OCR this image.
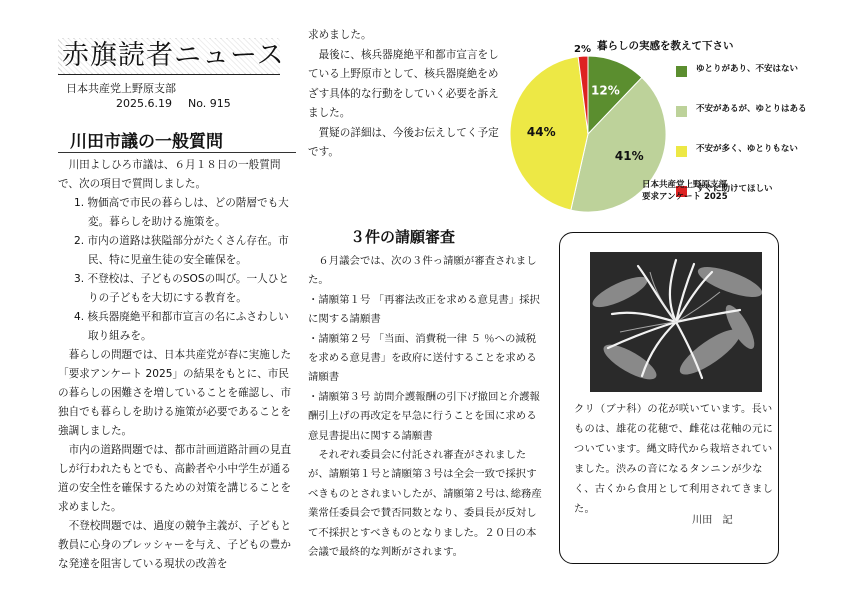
赤旗読者ニュース
日本共産党上野原支部
2025.6.19 No. 915
川田市議の一般質問

川田よしひろ市議は、６月１８日の一般質問で、次の項目で質問しました。

1. 物価高で市民の暮らしは、どの階層でも大変。暮らしを助ける施策を。

2. 市内の道路は狭隘部分がたくさん存在。市民、特に児童生徒の安全確保を。

3. 不登校は、子どものSOSの叫び。一人ひとりの子どもを大切にする教育を。

4. 核兵器廃絶平和都市宣言の名にふさわしい取り組みを。

暮らしの問題では、日本共産党が春に実施した「要求アンケート 2025」の結果をもとに、市民の暮らしの困難さを増していることを確認し、市独自でも暮らしを助ける施策が必要であることを強調しました。

市内の道路問題では、都市計画道路計画の見直しが行われたもとでも、高齢者や小中学生が通る道の安全性を確保するための対策を講じることを求めました。

不登校問題では、過度の競争主義が、子どもと教員に心身のプレッシャーを与え、子どもの豊かな発達を阻害している現状の改善を

求めました。

最後に、核兵器廃絶平和都市宣言をしている上野原市として、核兵器廃絶をめざす具体的な行動をしていく必要を訴えました。

質疑の詳細は、今後お伝えしてく予定です。

３件の請願審査

６月議会では、次の３件っ請願が審査されました。

・請願第１号 「再審法改正を求める意見書」採択に関する請願書

・請願第２号 「当面、消費税一律 ５ ％への減税を求める意見書」を政府に送付することを求める請願書

・請願第３号 訪問介護報酬の引下げ撤回と介護報酬引上げの再改定を早急に行うことを国に求める意見書提出に関する請願書

それぞれ委員会に付託され審査がされましたが、請願第１号と請願第３号は全会一致で採択すべきものとされまいしたが、請願第２号は､総務産業常任委員会で賛否同数となり、委員長が反対して不採択とすべきものとなりました。２０日の本会議で最終的な判断がされます。

暮らしの実感を教えて下さい
12%
41%
44%
2%
ゆとりがあり、不安はない
不安があるが、ゆとりはある
不安が多く、ゆとりもない
すぐに助けてほしい
日本共産党上野原支部
要求アンケート 2025
クリ（ブナ科）の花が咲いています。長いものは、雄花の花穂で、雌花は花軸の元についています。縄文時代から栽培されていました。渋みの音になるタンニンが少なく、古くから食用として利用されてきました。
川田　記
